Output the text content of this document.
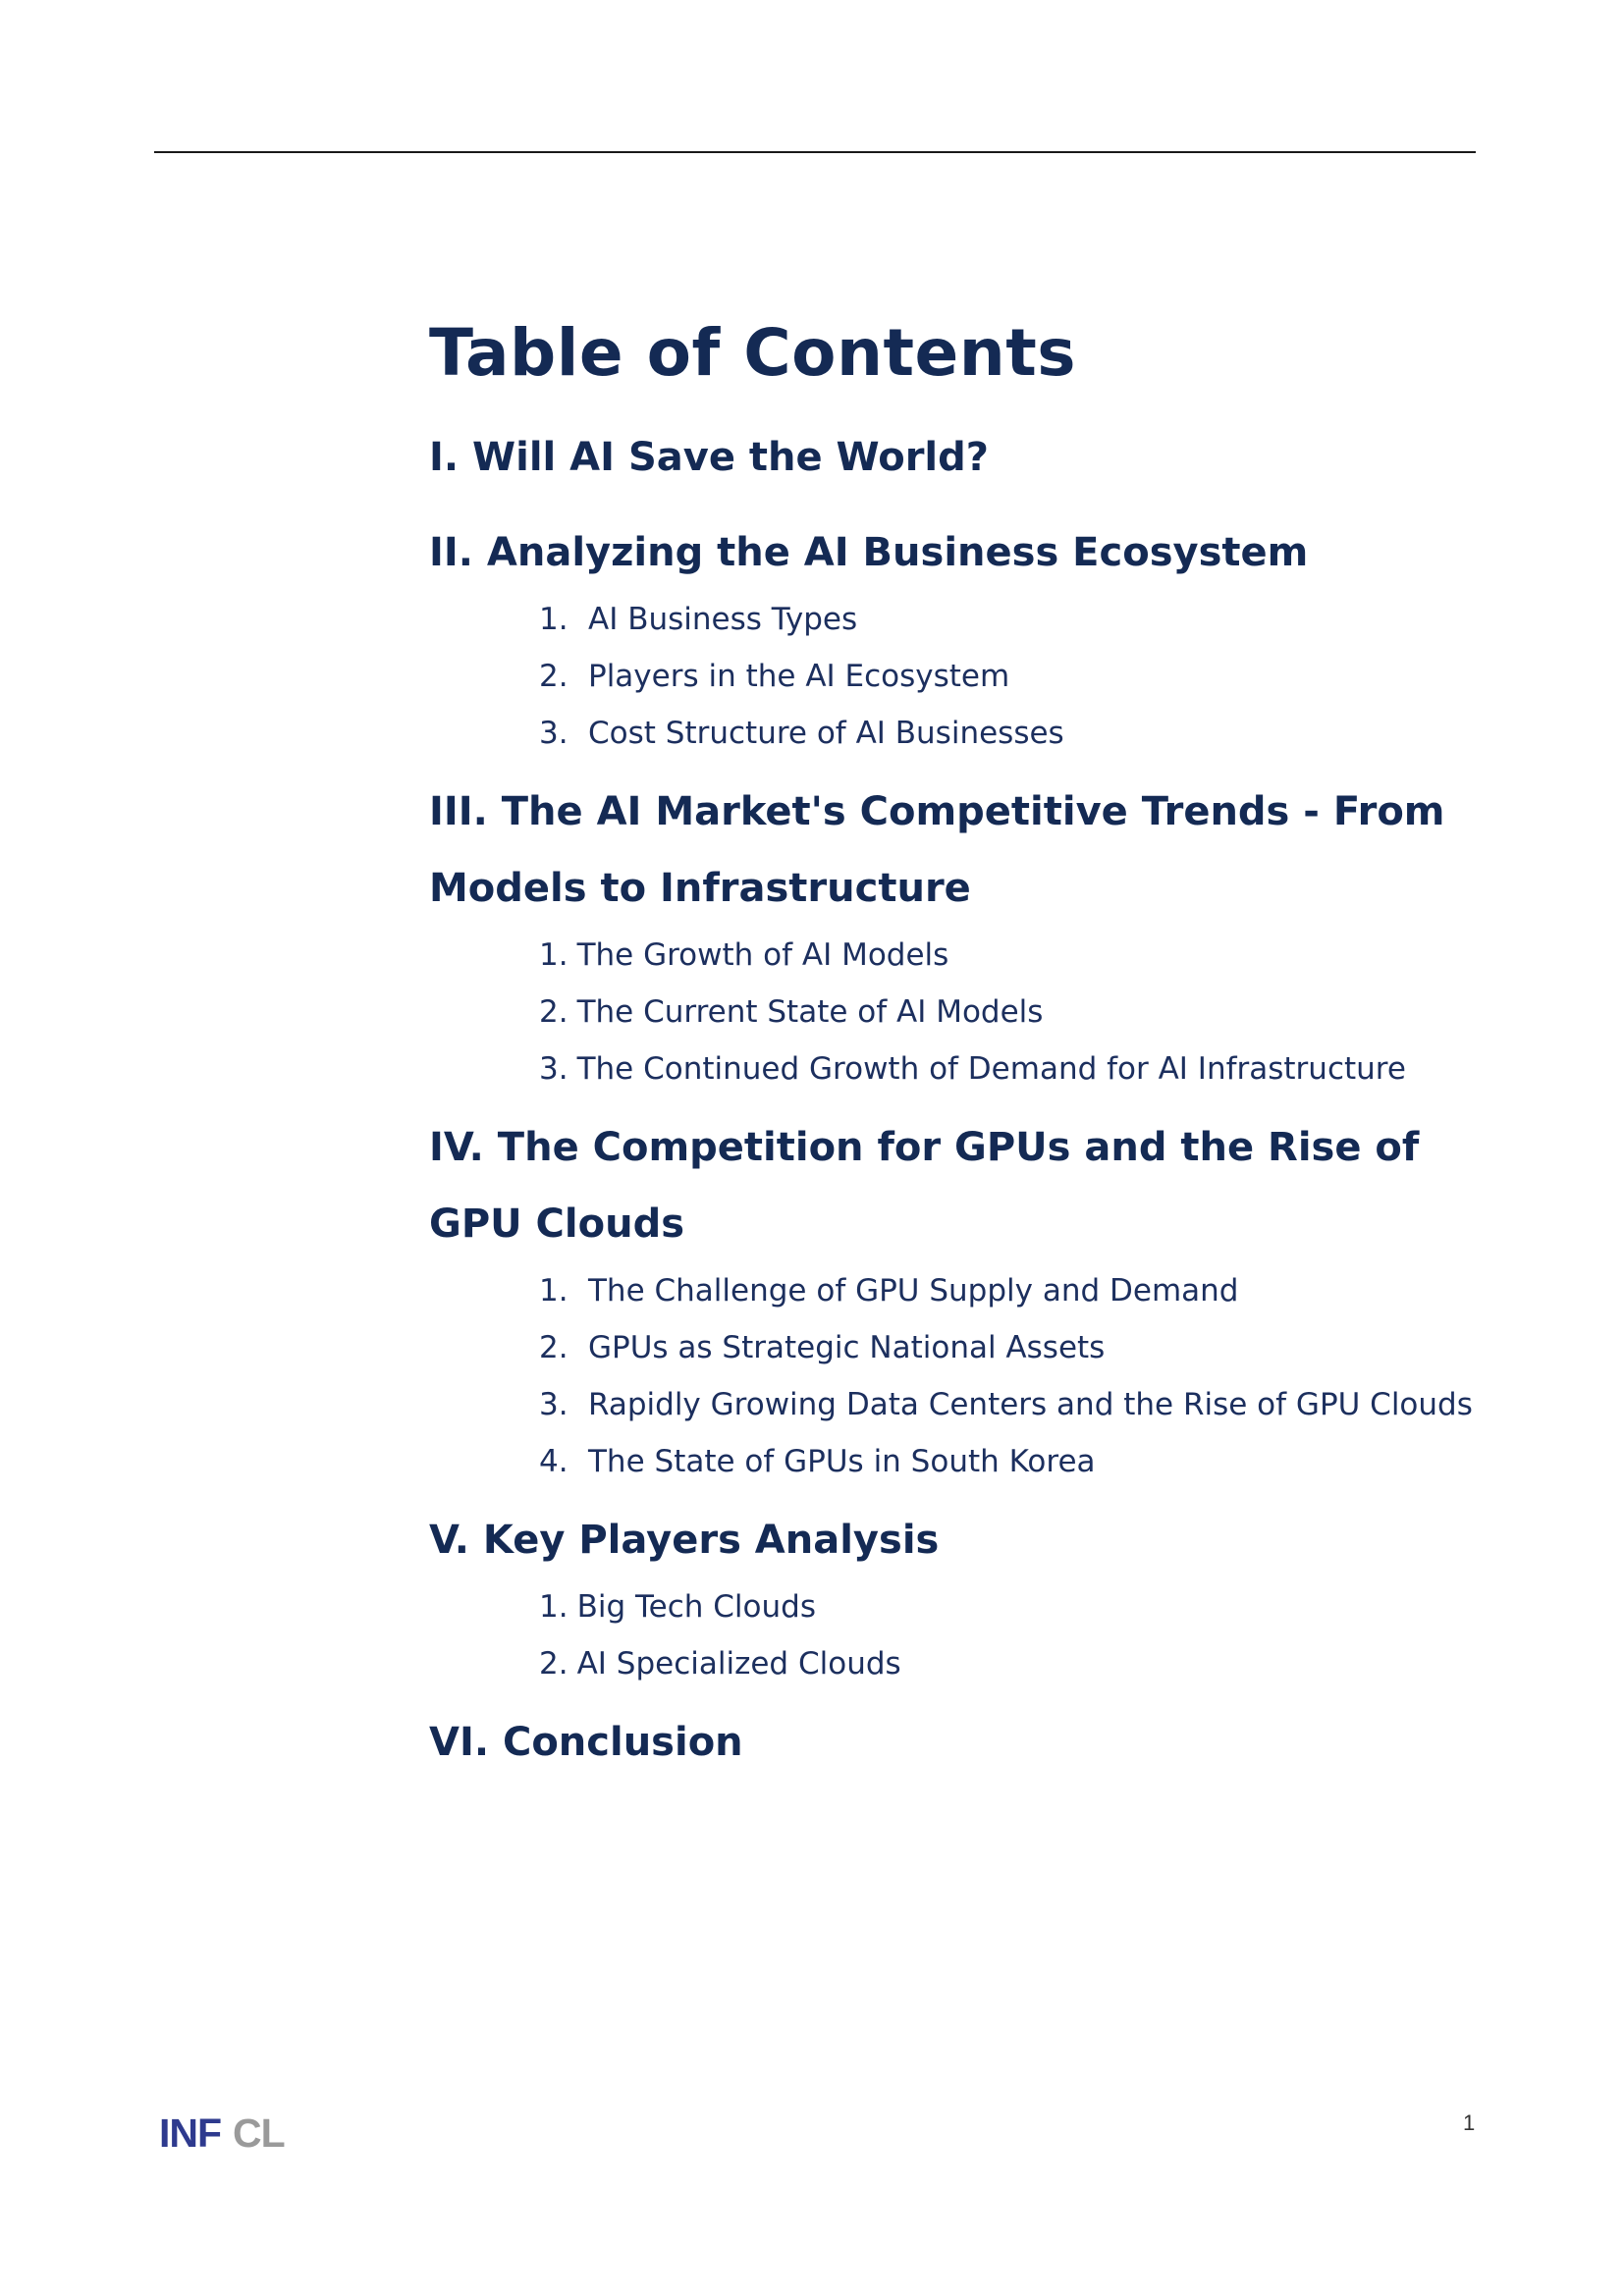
Table of Contents
I. Will AI Save the World?
II. Analyzing the AI Business Ecosystem
1. AI Business Types
2. Players in the AI Ecosystem
3. Cost Structure of AI Businesses
III. The AI Market's Competitive Trends - From Models to Infrastructure
1. The Growth of AI Models
2. The Current State of AI Models
3. The Continued Growth of Demand for AI Infrastructure
IV. The Competition for GPUs and the Rise of GPU Clouds
1. The Challenge of GPU Supply and Demand
2. GPUs as Strategic National Assets
3. Rapidly Growing Data Centers and the Rise of GPU Clouds
4. The State of GPUs in South Korea
V. Key Players Analysis
1. Big Tech Clouds
2. AI Specialized Clouds
VI. Conclusion
INF CL	1
